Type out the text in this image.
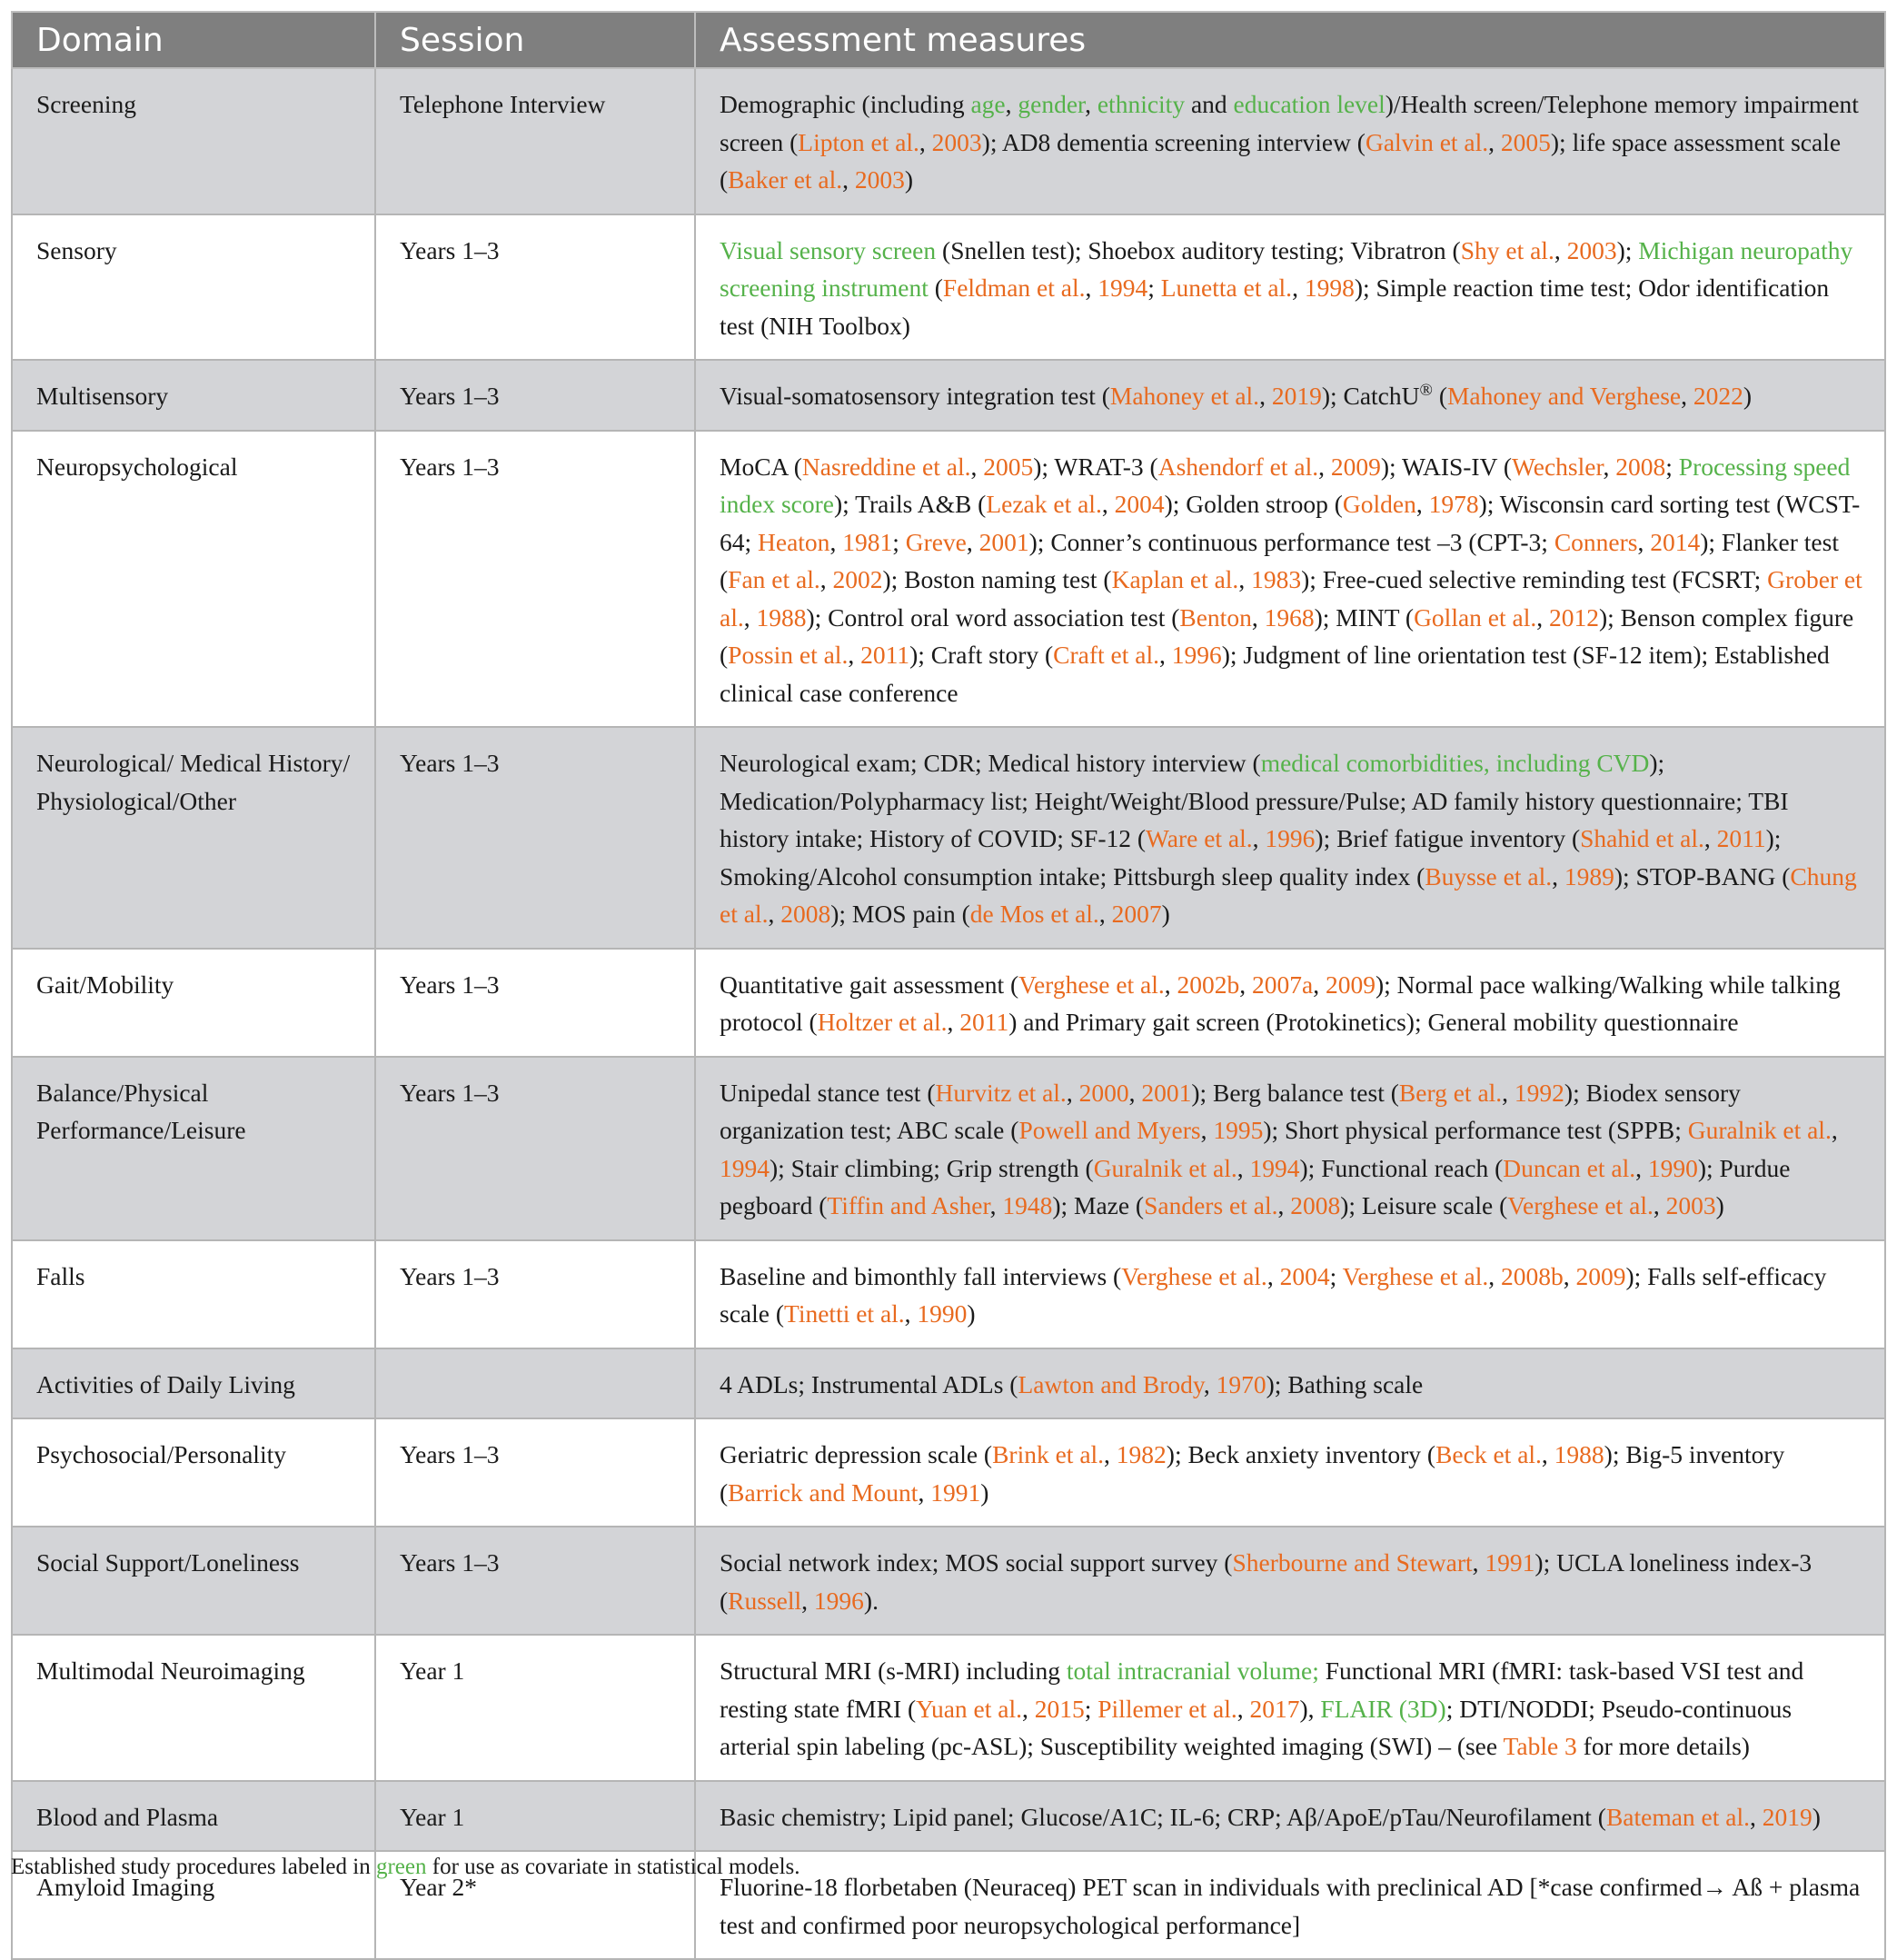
Domain	Session	Assessment measures
Screening	Telephone Interview	Demographic (including age, gender, ethnicity and education level)/Health screen/Telephone memory impairment screen (Lipton et al., 2003); AD8 dementia screening interview (Galvin et al., 2005); life space assessment scale (Baker et al., 2003)
Sensory	Years 1–3	Visual sensory screen (Snellen test); Shoebox auditory testing; Vibratron (Shy et al., 2003); Michigan neuropathy screening instrument (Feldman et al., 1994; Lunetta et al., 1998); Simple reaction time test; Odor identification test (NIH Toolbox)
Multisensory	Years 1–3	Visual-somatosensory integration test (Mahoney et al., 2019); CatchU® (Mahoney and Verghese, 2022)
Neuropsychological	Years 1–3	MoCA (Nasreddine et al., 2005); WRAT-3 (Ashendorf et al., 2009); WAIS-IV (Wechsler, 2008; Processing speed index score); Trails A&B (Lezak et al., 2004); Golden stroop (Golden, 1978); Wisconsin card sorting test (WCST-64; Heaton, 1981; Greve, 2001); Conner’s continuous performance test –3 (CPT-3; Conners, 2014); Flanker test (Fan et al., 2002); Boston naming test (Kaplan et al., 1983); Free-cued selective reminding test (FCSRT; Grober et al., 1988); Control oral word association test (Benton, 1968); MINT (Gollan et al., 2012); Benson complex figure (Possin et al., 2011); Craft story (Craft et al., 1996); Judgment of line orientation test (SF-12 item); Established clinical case conference
Neurological/ Medical History/ Physiological/Other	Years 1–3	Neurological exam; CDR; Medical history interview (medical comorbidities, including CVD); Medication/Polypharmacy list; Height/Weight/Blood pressure/Pulse; AD family history questionnaire; TBI history intake; History of COVID; SF-12 (Ware et al., 1996); Brief fatigue inventory (Shahid et al., 2011); Smoking/Alcohol consumption intake; Pittsburgh sleep quality index (Buysse et al., 1989); STOP-BANG (Chung et al., 2008); MOS pain (de Mos et al., 2007)
Gait/Mobility	Years 1–3	Quantitative gait assessment (Verghese et al., 2002b, 2007a, 2009); Normal pace walking/Walking while talking protocol (Holtzer et al., 2011) and Primary gait screen (Protokinetics); General mobility questionnaire
Balance/Physical Performance/Leisure	Years 1–3	Unipedal stance test (Hurvitz et al., 2000, 2001); Berg balance test (Berg et al., 1992); Biodex sensory organization test; ABC scale (Powell and Myers, 1995); Short physical performance test (SPPB; Guralnik et al., 1994); Stair climbing; Grip strength (Guralnik et al., 1994); Functional reach (Duncan et al., 1990); Purdue pegboard (Tiffin and Asher, 1948); Maze (Sanders et al., 2008); Leisure scale (Verghese et al., 2003)
Falls	Years 1–3	Baseline and bimonthly fall interviews (Verghese et al., 2004; Verghese et al., 2008b, 2009); Falls self-efficacy scale (Tinetti et al., 1990)
Activities of Daily Living		4 ADLs; Instrumental ADLs (Lawton and Brody, 1970); Bathing scale
Psychosocial/Personality	Years 1–3	Geriatric depression scale (Brink et al., 1982); Beck anxiety inventory (Beck et al., 1988); Big-5 inventory (Barrick and Mount, 1991)
Social Support/Loneliness	Years 1–3	Social network index; MOS social support survey (Sherbourne and Stewart, 1991); UCLA loneliness index-3 (Russell, 1996).
Multimodal Neuroimaging	Year 1	Structural MRI (s-MRI) including total intracranial volume; Functional MRI (fMRI: task-based VSI test and resting state fMRI (Yuan et al., 2015; Pillemer et al., 2017), FLAIR (3D); DTI/NODDI; Pseudo-continuous arterial spin labeling (pc-ASL); Susceptibility weighted imaging (SWI) – (see Table 3 for more details)
Blood and Plasma	Year 1	Basic chemistry; Lipid panel; Glucose/A1C; IL-6; CRP; Aβ/ApoE/pTau/Neurofilament (Bateman et al., 2019)
Amyloid Imaging	Year 2*	Fluorine-18 florbetaben (Neuraceq) PET scan in individuals with preclinical AD [*case confirmed→ Aß + plasma test and confirmed poor neuropsychological performance]
Established study procedures labeled in green for use as covariate in statistical models.
